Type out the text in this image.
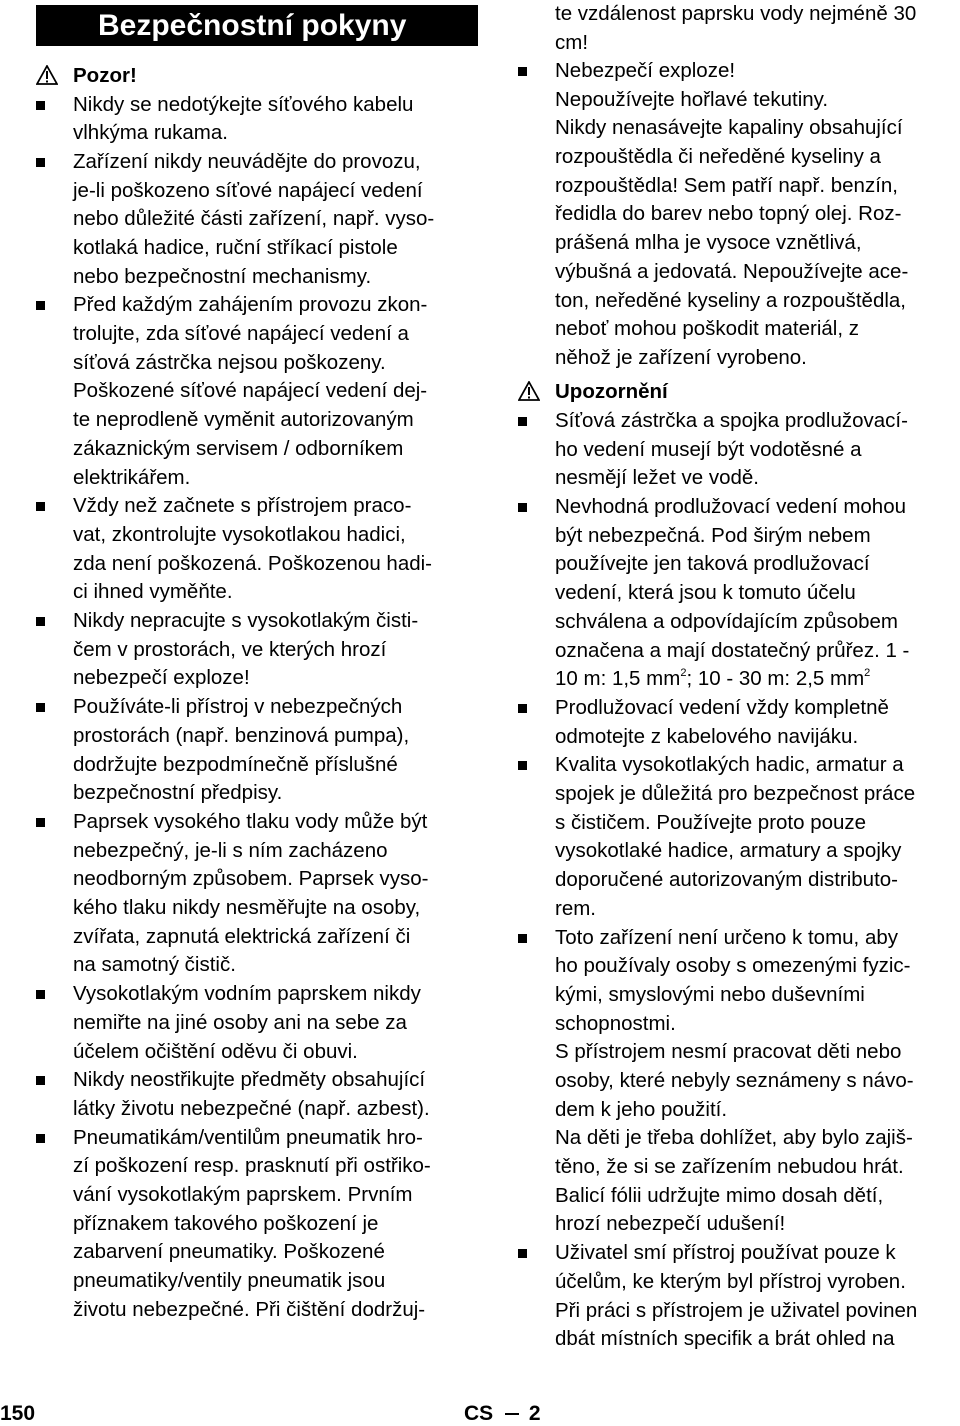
Bezpečnostní pokyny
Pozor!
Nikdy se nedotýkejte síťového kabelu
vlhkýma rukama.
Zařízení nikdy neuvádějte do provozu,
je-li poškozeno síťové napájecí vedení
nebo důležité části zařízení, např. vyso-
kotlaká hadice, ruční stříkací pistole
nebo bezpečnostní mechanismy.
Před každým zahájením provozu zkon-
trolujte, zda síťové napájecí vedení a
síťová zástrčka nejsou poškozeny.
Poškozené síťové napájecí vedení dej-
te neprodleně vyměnit autorizovaným
zákaznickým servisem / odborníkem
elektrikářem.
Vždy než začnete s přístrojem praco-
vat, zkontrolujte vysokotlakou hadici,
zda není poškozená. Poškozenou hadi-
ci ihned vyměňte.
Nikdy nepracujte s vysokotlakým čisti-
čem v prostorách, ve kterých hrozí
nebezpečí exploze!
Používáte-li přístroj v nebezpečných
prostorách (např. benzinová pumpa),
dodržujte bezpodmínečně příslušné
bezpečnostní předpisy.
Paprsek vysokého tlaku vody může být
nebezpečný, je-li s ním zacházeno
neodborným způsobem. Paprsek vyso-
kého tlaku nikdy nesměřujte na osoby,
zvířata, zapnutá elektrická zařízení či
na samotný čistič.
Vysokotlakým vodním paprskem nikdy
nemiřte na jiné osoby ani na sebe za
účelem očištění oděvu či obuvi.
Nikdy neostřikujte předměty obsahující
látky životu nebezpečné (např. azbest).
Pneumatikám/ventilům pneumatik hro-
zí poškození resp. prasknutí při ostřiko-
vání vysokotlakým paprskem. Prvním
příznakem takového poškození je
zabarvení pneumatiky. Poškozené
pneumatiky/ventily pneumatik jsou
životu nebezpečné. Při čištění dodržuj-
150
te vzdálenost paprsku vody nejméně 30
cm!
Nebezpečí exploze!
Nepoužívejte hořlavé tekutiny.
Nikdy nenasávejte kapaliny obsahující
rozpouštědla či neředěné kyseliny a
rozpouštědla! Sem patří např. benzín,
ředidla do barev nebo topný olej. Roz-
prášená mlha je vysoce vznětlivá,
výbušná a jedovatá. Nepoužívejte ace-
ton, neředěné kyseliny a rozpouštědla,
neboť mohou poškodit materiál, z
něhož je zařízení vyrobeno.
Upozornění
Síťová zástrčka a spojka prodlužovací-
ho vedení musejí být vodotěsné a
nesmějí ležet ve vodě.
Nevhodná prodlužovací vedení mohou
být nebezpečná. Pod širým nebem
používejte jen taková prodlužovací
vedení, která jsou k tomuto účelu
schválena a odpovídajícím způsobem
označena a mají dostatečný průřez. 1 -
10 m: 1,5 $mm^2$; 10 - 30 m: 2,5 $mm^2$
Prodlužovací vedení vždy kompletně
odmotejte z kabelového navijáku.
Kvalita vysokotlakých hadic, armatur a
spojek je důležitá pro bezpečnost práce
s čističem. Používejte proto pouze
vysokotlaké hadice, armatury a spojky
doporučené autorizovaným distributo-
rem.
Toto zařízení není určeno k tomu, aby
ho používaly osoby s omezenými fyzic-
kými, smyslovými nebo duševními
schopnostmi.
S přístrojem nesmí pracovat děti nebo
osoby, které nebyly seznámeny s návo-
dem k jeho použití.
Na děti je třeba dohlížet, aby bylo zajiš-
těno, že si se zařízením nebudou hrát.
Balicí fólii udržujte mimo dosah dětí,
hrozí nebezpečí udušení!
Uživatel smí přístroj používat pouze k
účelům, ke kterým byl přístroj vyroben.
Při práci s přístrojem je uživatel povinen
dbát místních specifik a brát ohled na
CS 2
